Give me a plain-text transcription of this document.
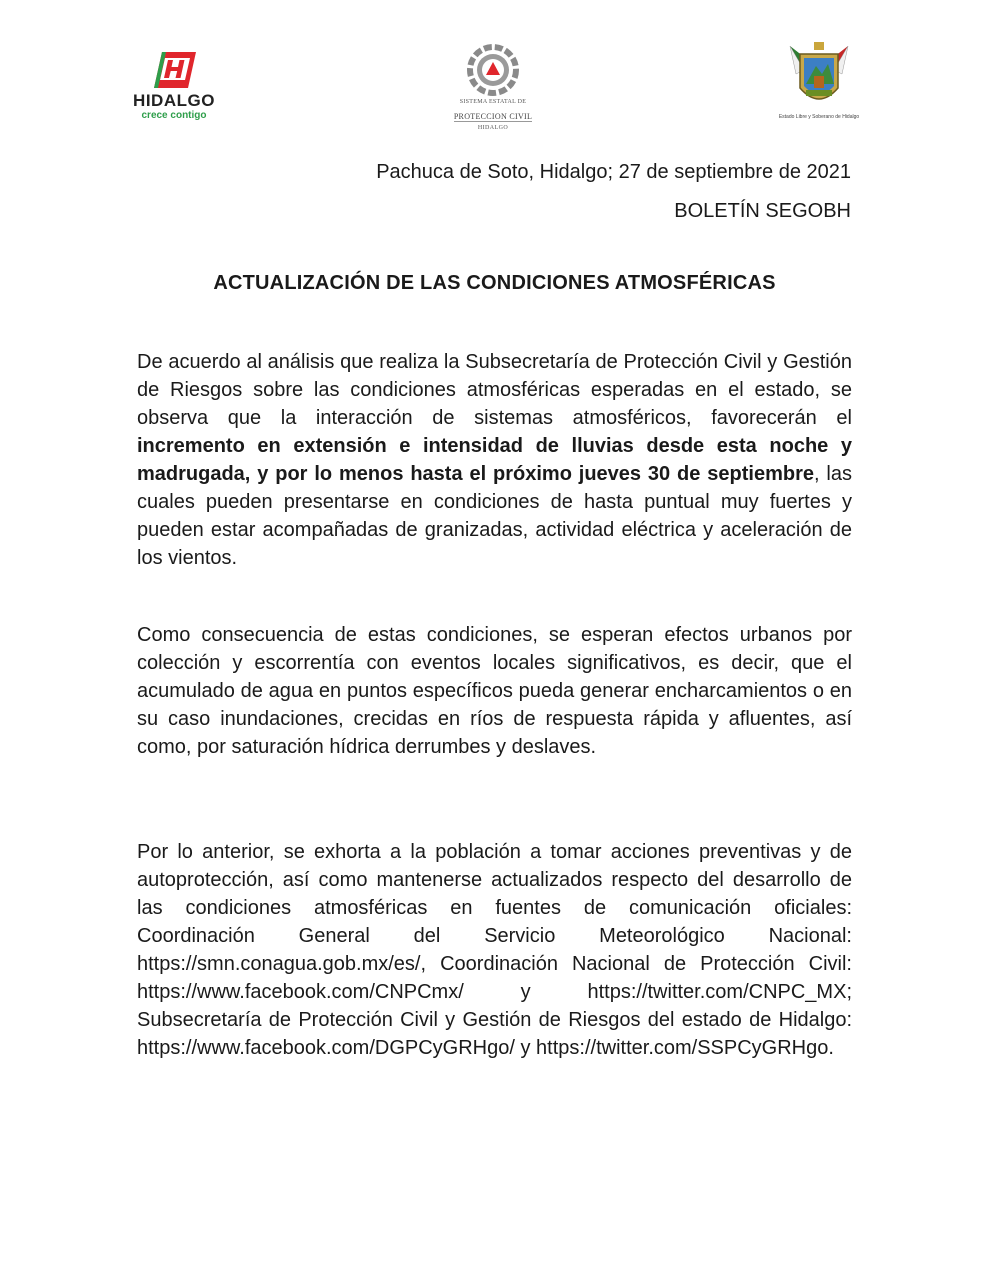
HIDALGO
crece contigo
SISTEMA ESTATAL DE
PROTECCION CIVIL
HIDALGO
Estado Libre y Soberano de Hidalgo
Pachuca de Soto, Hidalgo; 27 de septiembre de 2021
BOLETÍN SEGOBH
ACTUALIZACIÓN DE LAS CONDICIONES ATMOSFÉRICAS

De acuerdo al análisis que realiza la Subsecretaría de Protección Civil y Gestión de Riesgos sobre las condiciones atmosféricas esperadas en el estado, se observa que la interacción de sistemas atmosféricos, favorecerán el incremento en extensión e intensidad de lluvias desde esta noche y madrugada, y por lo menos hasta el próximo jueves 30 de septiembre, las cuales pueden presentarse en condiciones de hasta puntual muy fuertes y pueden estar acompañadas de granizadas, actividad eléctrica y aceleración de los vientos.

Como consecuencia de estas condiciones, se esperan efectos urbanos por colección y escorrentía con eventos locales significativos, es decir, que el acumulado de agua en puntos específicos pueda generar encharcamientos o en su caso inundaciones, crecidas en ríos de respuesta rápida y afluentes, así como, por saturación hídrica derrumbes y deslaves.

Por lo anterior, se exhorta a la población a tomar acciones preventivas y de autoprotección, así como mantenerse actualizados respecto del desarrollo de las condiciones atmosféricas en fuentes de comunicación oficiales: Coordinación General del Servicio Meteorológico Nacional: https://smn.conagua.gob.mx/es/, Coordinación Nacional de Protección Civil: https://www.facebook.com/CNPCmx/ y https://twitter.com/CNPC_MX; Subsecretaría de Protección Civil y Gestión de Riesgos del estado de Hidalgo: https://www.facebook.com/DGPCyGRHgo/ y https://twitter.com/SSPCyGRHgo.
